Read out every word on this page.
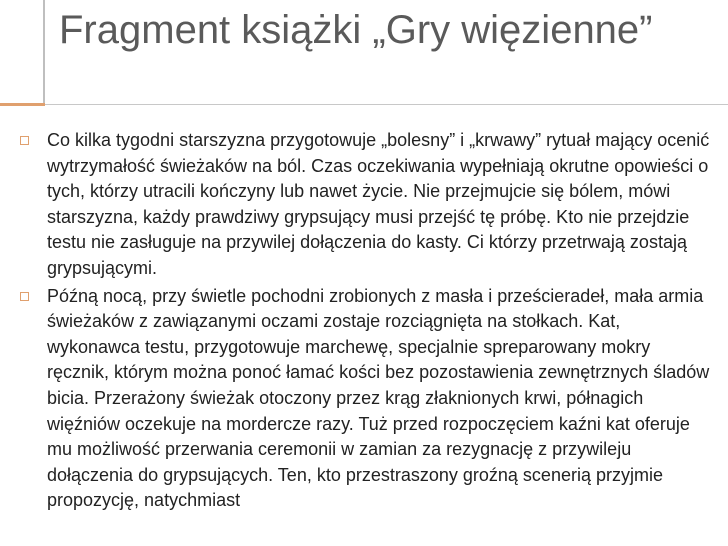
Fragment książki „Gry więzienne”
Co kilka tygodni starszyzna przygotowuje „bolesny” i „krwawy” rytuał mający ocenić wytrzymałość świeżaków na ból. Czas oczekiwania wypełniają okrutne opowieści o tych, którzy utracili kończyny lub nawet życie. Nie przejmujcie się bólem, mówi starszyzna, każdy prawdziwy grypsujący musi przejść tę próbę. Kto nie przejdzie testu nie zasługuje na przywilej dołączenia do kasty. Ci którzy przetrwają zostają grypsującymi.
Późną nocą, przy świetle pochodni zrobionych z masła i prześcieradeł, mała armia świeżaków z zawiązanymi oczami zostaje rozciągnięta na stołkach. Kat, wykonawca testu, przygotowuje marchewę, specjalnie spreparowany mokry ręcznik, którym można ponoć łamać kości bez pozostawienia zewnętrznych śladów bicia. Przerażony świeżak otoczony przez krąg złaknionych krwi, półnagich więźniów oczekuje na mordercze razy. Tuż przed rozpoczęciem kaźni kat oferuje mu możliwość przerwania ceremonii w zamian za rezygnację z przywileju dołączenia do grypsujących. Ten, kto przestraszony groźną scenerią przyjmie propozycję, natychmiast
